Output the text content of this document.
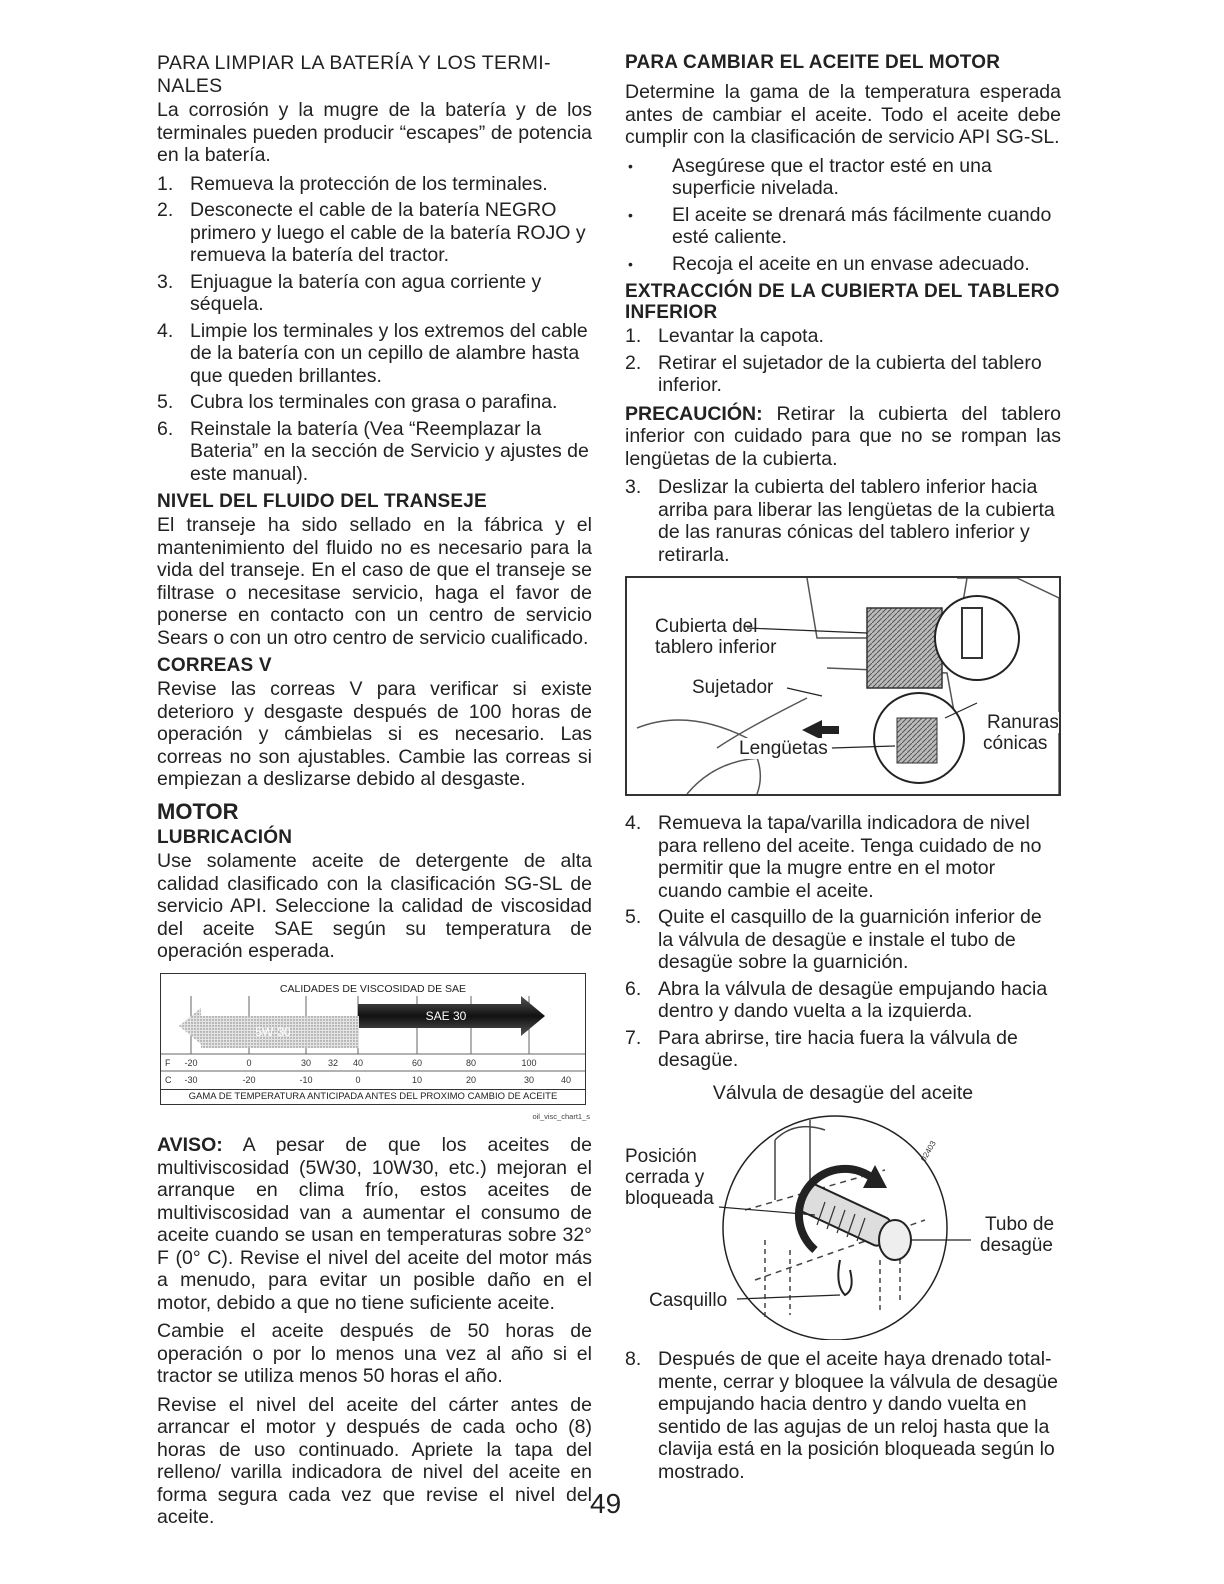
PARA LIMPIAR LA BATERÍA Y LOS TERMINALES

La corrosión y la mugre de la batería y de los terminales pueden producir “escapes” de potencia en la batería.

1. Remueva la protección de los terminales.
2. Desconecte el cable de la batería NEGRO primero y luego el cable de la batería ROJO y remueva la batería del tractor.
3. Enjuague la batería con agua corriente y séquela.
4. Limpie los terminales y los extremos del cable de la batería con un cepillo de alambre hasta que queden brillantes.
5. Cubra los terminales con grasa o parafina.
6. Reinstale la batería (Vea “Reemplazar la Bateria” en la sección de Servicio y ajustes de este manual).
NIVEL DEL FLUIDO DEL TRANSEJE

El transeje ha sido sellado en la fábrica y el mantenimiento del fluido no es necesario para la vida del transeje. En el caso de que el transeje se filtrase o necesitase servicio, haga el favor de ponerse en contacto con un centro de servicio Sears o con un otro centro de servicio cualificado.

CORREAS V

Revise las correas V para verificar si existe deterioro y desgaste después de 100 horas de operación y cámbielas si es necesario. Las correas no son ajustables. Cambie las correas si empiezan a deslizarse debido al desgaste.

MOTOR
LUBRICACIÓN

Use solamente aceite de detergente de alta calidad clasificado con la clasificación SG-SL de servicio API. Seleccione la calidad de viscosidad del aceite SAE según su temperatura de operación esperada.

CALIDADES DE VISCOSIDAD DE SAE
SAE 30
5W-30
F -20	0	30 32 40	60	80	100
C -30	-20	-10	0	10	20	30	40
GAMA DE TEMPERATURA ANTICIPADA ANTES DEL PROXIMO CAMBIO DE ACEITE
oil_visc_chart1_s

AVISO: A pesar de que los aceites de multiviscosidad (5W30, 10W30, etc.) mejoran el arranque en clima frío, estos aceites de multiviscosidad van a aumentar el consumo de aceite cuando se usan en temperaturas sobre 32° F (0° C). Revise el nivel del aceite del motor más a menudo, para evitar un posible daño en el motor, debido a que no tiene suficiente aceite.

Cambie el aceite después de 50 horas de operación o por lo menos una vez al año si el tractor se utiliza menos 50 horas el año.

Revise el nivel del aceite del cárter antes de arrancar el motor y después de cada ocho (8) horas de uso continuado. Apriete la tapa del relleno/ varilla indicadora de nivel del aceite en forma segura cada vez que revise el nivel del aceite.

PARA CAMBIAR EL ACEITE DEL MOTOR

Determine la gama de la temperatura esperada antes de cambiar el aceite. Todo el aceite debe cumplir con la clasificación de servicio API SG-SL.

• Asegúrese que el tractor esté en una superficie nivelada.
• El aceite se drenará más fácilmente cuando esté caliente.
• Recoja el aceite en un envase adecuado.
EXTRACCIÓN DE LA CUBIERTA DEL TABLERO INFERIOR
1. Levantar la capota.
2. Retirar el sujetador de la cubierta del tablero inferior.

PRECAUCIÓN: Retirar la cubierta del tablero inferior con cuidado para que no se rompan las lengüetas de la cubierta.

3. Deslizar la cubierta del tablero inferior hacia arriba para liberar las lengüetas de la cubierta de las ranuras cónicas del tablero inferior y retirarla.
Cubierta del
tablero inferior
Sujetador
Lengüetas
Ranuras
cónicas
4. Remueva la tapa/varilla indicadora de nivel para relleno del aceite. Tenga cuidado de no permitir que la mugre entre en el motor cuando cambie el aceite.
5. Quite el casquillo de la guarnición inferior de la válvula de desagüe e instale el tubo de desagüe sobre la guarnición.
6. Abra la válvula de desagüe empujando hacia dentro y dando vuelta a la izquierda.
7. Para abrirse, tire hacia fuera la válvula de desagüe.
Válvula de desagüe del aceite
02403
Posición
cerrada y
bloqueada
Tubo de
desagüe
Casquillo
8. Después de que el aceite haya drenado total-mente, cerrar y bloquee la válvula de desagüe empujando hacia dentro y dando vuelta en sentido de las agujas de un reloj hasta que la clavija está en la posición bloqueada según lo mostrado.
49
